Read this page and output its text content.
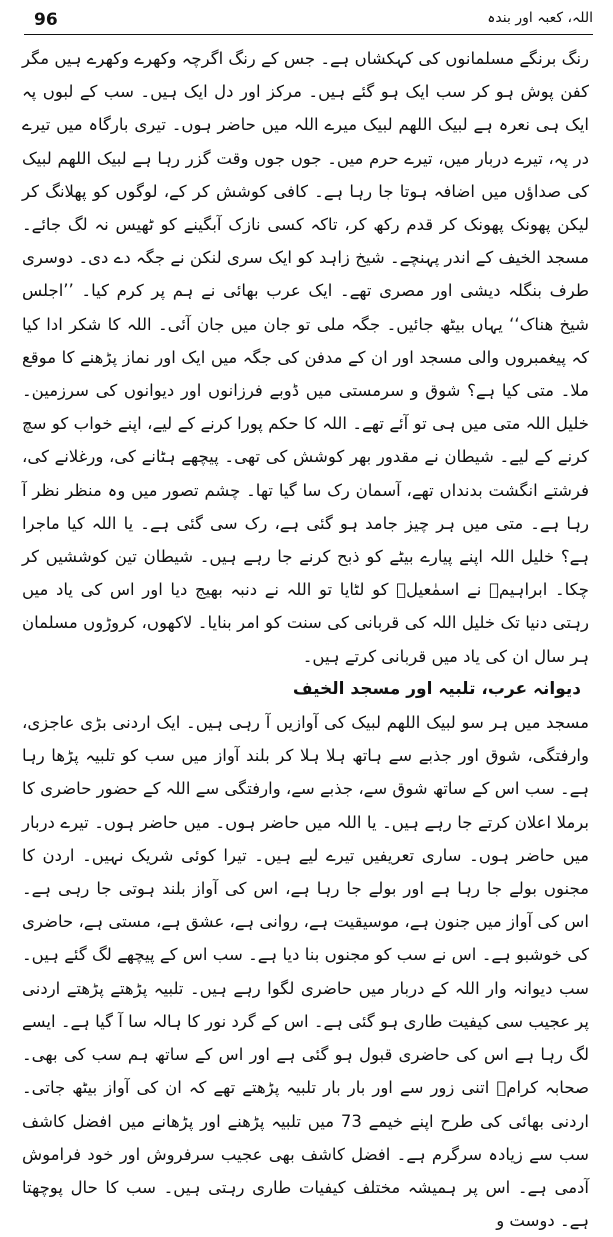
96	اللہ، کعبہ اور بندہ

رنگ برنگے مسلمانوں کی کہکشاں ہے۔ جس کے رنگ اگرچہ وکھرے وکھرے ہیں مگر کفن پوش ہو کر سب ایک ہو گئے ہیں۔ مرکز اور دل ایک ہیں۔ سب کے لبوں پہ ایک ہی نعرہ ہے لبیک اللھم لبیک میرے اللہ میں حاضر ہوں۔ تیری بارگاہ میں تیرے در پہ، تیرے دربار میں، تیرے حرم میں۔ جوں جوں وقت گزر رہا ہے لبیک اللھم لبیک کی صداؤں میں اضافہ ہوتا جا رہا ہے۔ کافی کوشش کر کے، لوگوں کو پھلانگ کر لیکن پھونک پھونک کر قدم رکھ کر، تاکہ کسی نازک آبگینے کو ٹھیس نہ لگ جائے۔ مسجد الخیف کے اندر پہنچے۔ شیخ زاہد کو ایک سری لنکن نے جگہ دے دی۔ دوسری طرف بنگلہ دیشی اور مصری تھے۔ ایک عرب بھائی نے ہم پر کرم کیا۔ ’’اجلس شیخ هناک‘‘ یہاں بیٹھ جائیں۔ جگہ ملی تو جان میں جان آئی۔ اللہ کا شکر ادا کیا کہ پیغمبروں والی مسجد اور ان کے مدفن کی جگہ میں ایک اور نماز پڑھنے کا موقع ملا۔ متی کیا ہے؟ شوق و سرمستی میں ڈوبے فرزانوں اور دیوانوں کی سرزمین۔ خلیل اللہ متی میں ہی تو آئے تھے۔ اللہ کا حکم پورا کرنے کے لیے، اپنے خواب کو سچ کرنے کے لیے۔ شیطان نے مقدور بھر کوشش کی تھی۔ پیچھے ہٹانے کی، ورغلانے کی، فرشتے انگشت بدنداں تھے، آسمان رک سا گیا تھا۔ چشم تصور میں وہ منظر نظر آ رہا ہے۔ متی میں ہر چیز جامد ہو گئی ہے، رک سی گئی ہے۔ یا اللہ کیا ماجرا ہے؟ خلیل اللہ اپنے پیارے بیٹے کو ذبح کرنے جا رہے ہیں۔ شیطان تین کوششیں کر چکا۔ ابراہیمؑ نے اسمٰعیلؑ کو لٹایا تو اللہ نے دنبہ بھیج دیا اور اس کی یاد میں رہتی دنیا تک خلیل اللہ کی قربانی کی سنت کو امر بنایا۔ لاکھوں، کروڑوں مسلمان ہر سال ان کی یاد میں قربانی کرتے ہیں۔

دیوانہ عرب، تلبیہ اور مسجد الخیف

مسجد میں ہر سو لبیک اللھم لبیک کی آوازیں آ رہی ہیں۔ ایک اردنی بڑی عاجزی، وارفتگی، شوق اور جذبے سے ہاتھ ہلا ہلا کر بلند آواز میں سب کو تلبیہ پڑھا رہا ہے۔ سب اس کے ساتھ شوق سے، جذبے سے، وارفتگی سے اللہ کے حضور حاضری کا برملا اعلان کرتے جا رہے ہیں۔ یا اللہ میں حاضر ہوں۔ میں حاضر ہوں۔ تیرے دربار میں حاضر ہوں۔ ساری تعریفیں تیرے لیے ہیں۔ تیرا کوئی شریک نہیں۔ اردن کا مجنوں بولے جا رہا ہے اور بولے جا رہا ہے، اس کی آواز بلند ہوتی جا رہی ہے۔ اس کی آواز میں جنون ہے، موسیقیت ہے، روانی ہے، عشق ہے، مستی ہے، حاضری کی خوشبو ہے۔ اس نے سب کو مجنوں بنا دیا ہے۔ سب اس کے پیچھے لگ گئے ہیں۔ سب دیوانہ وار اللہ کے دربار میں حاضری لگوا رہے ہیں۔ تلبیہ پڑھتے پڑھتے اردنی پر عجیب سی کیفیت طاری ہو گئی ہے۔ اس کے گرد نور کا ہالہ سا آ گیا ہے۔ ایسے لگ رہا ہے اس کی حاضری قبول ہو گئی ہے اور اس کے ساتھ ہم سب کی بھی۔ صحابہ کرامؓ اتنی زور سے اور بار بار تلبیہ پڑھتے تھے کہ ان کی آواز بیٹھ جاتی۔ اردنی بھائی کی طرح اپنے خیمے 73 میں تلبیہ پڑھنے اور پڑھانے میں افضل کاشف سب سے زیادہ سرگرم ہے۔ افضل کاشف بھی عجیب سرفروش اور خود فراموش آدمی ہے۔ اس پر ہمیشہ مختلف کیفیات طاری رہتی ہیں۔ سب کا حال پوچھتا ہے۔ دوست و
